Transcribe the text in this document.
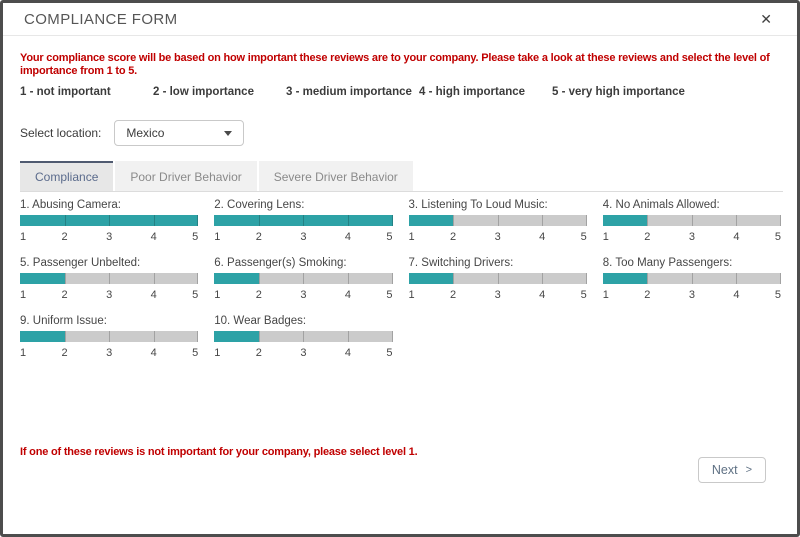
COMPLIANCE FORM	✕
Your compliance score will be based on how important these reviews are to your company. Please take a look at these reviews and select the level of importance from 1 to 5.
1 - not important	2 - low importance	3 - medium importance 4 - high importance	5 - very high importance
Select location: Mexico
Compliance	Poor Driver Behavior	Severe Driver Behavior
1. Abusing Camera:
1	2	3	4	5
2. Covering Lens:
1	2	3	4	5
3. Listening To Loud Music:
1	2	3	4	5
4. No Animals Allowed:
1	2	3	4	5
5. Passenger Unbelted:
1	2	3	4	5
6. Passenger(s) Smoking:
1	2	3	4	5
7. Switching Drivers:
1	2	3	4	5
8. Too Many Passengers:
1	2	3	4	5
9. Uniform Issue:
1	2	3	4	5
10. Wear Badges:
1	2	3	4	5
If one of these reviews is not important for your company, please select level 1.
Next >
